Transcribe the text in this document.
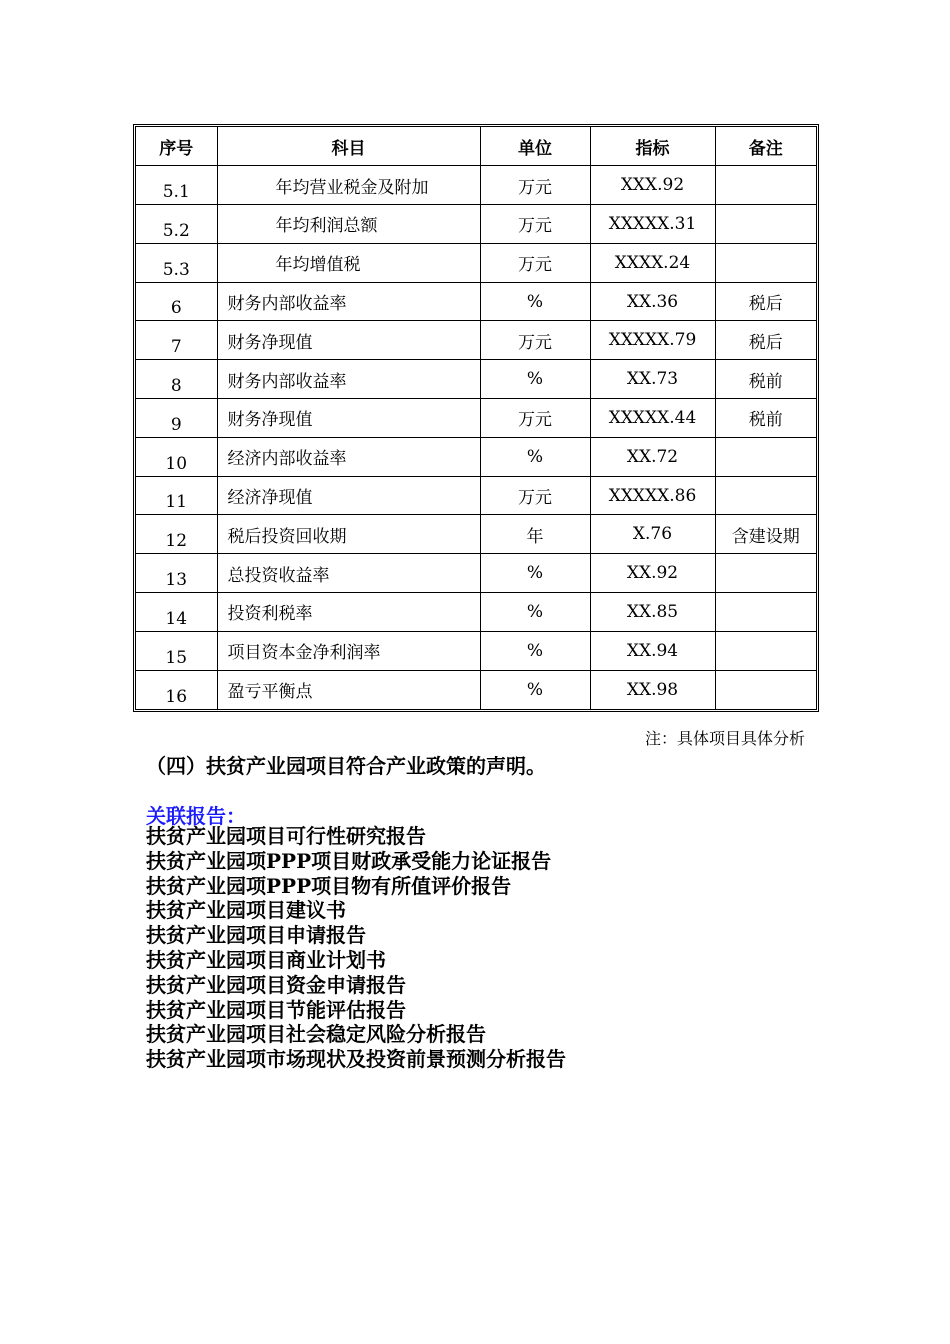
序号	科目	单位	指标	备注
5.1	年均营业税金及附加	万元	XXX.92	
5.2	年均利润总额	万元	XXXXX.31	
5.3	年均增值税	万元	XXXX.24	
6	财务内部收益率	%	XX.36	税后
7	财务净现值	万元	XXXXX.79	税后
8	财务内部收益率	%	XX.73	税前
9	财务净现值	万元	XXXXX.44	税前
10	经济内部收益率	%	XX.72	
11	经济净现值	万元	XXXXX.86	
12	税后投资回收期	年	X.76	含建设期
13	总投资收益率	%	XX.92	
14	投资利税率	%	XX.85	
15	项目资本金净利润率	%	XX.94	
16	盈亏平衡点	%	XX.98	
注：具体项目具体分析
（四）扶贫产业园项目符合产业政策的声明。
关联报告：
扶贫产业园项目可行性研究报告
扶贫产业园项PPP项目财政承受能力论证报告
扶贫产业园项PPP项目物有所值评价报告
扶贫产业园项目建议书
扶贫产业园项目申请报告
扶贫产业园项目商业计划书
扶贫产业园项目资金申请报告
扶贫产业园项目节能评估报告
扶贫产业园项目社会稳定风险分析报告
扶贫产业园项市场现状及投资前景预测分析报告
